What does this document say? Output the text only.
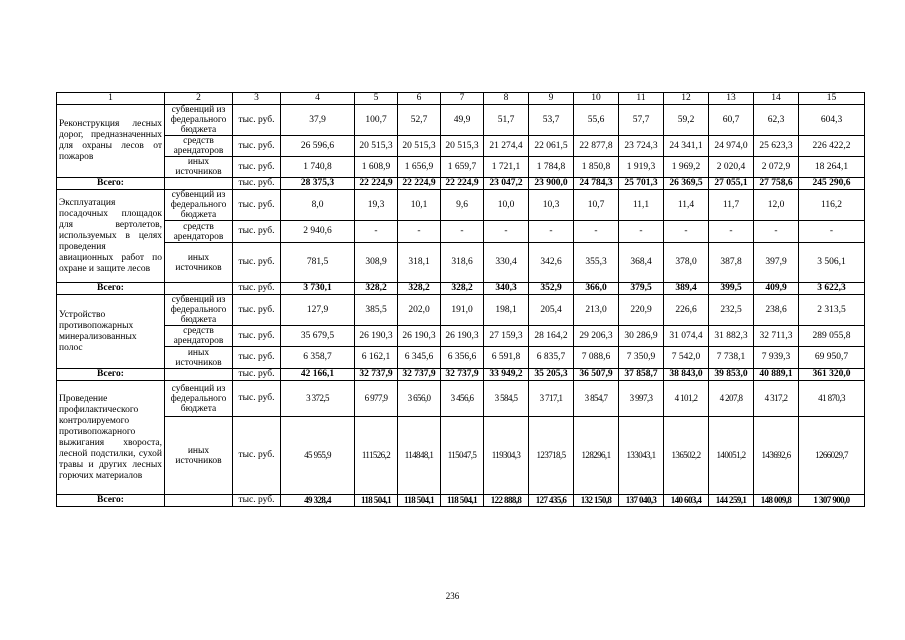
1	2	3	4	5	6	7	8	9	10	11	12	13	14	15
Реконструкция лесных дорог, предназначенных для охраны лесов от пожаров	субвенций из федерального бюджета	тыс. руб.	37,9	100,7	52,7	49,9	51,7	53,7	55,6	57,7	59,2	60,7	62,3	604,3
	средств арендаторов	тыс. руб.	26 596,6	20 515,3	20 515,3	20 515,3	21 274,4	22 061,5	22 877,8	23 724,3	24 341,1	24 974,0	25 623,3	226 422,2
	иных источников	тыс. руб.	1 740,8	1 608,9	1 656,9	1 659,7	1 721,1	1 784,8	1 850,8	1 919,3	1 969,2	2 020,4	2 072,9	18 264,1
Всего:		тыс. руб.	28 375,3	22 224,9	22 224,9	22 224,9	23 047,2	23 900,0	24 784,3	25 701,3	26 369,5	27 055,1	27 758,6	245 290,6
Эксплуатация посадочных площадок для вертолетов, используемых в целях проведения авиационных работ по охране и защите лесов	субвенций из федерального бюджета	тыс. руб.	8,0	19,3	10,1	9,6	10,0	10,3	10,7	11,1	11,4	11,7	12,0	116,2
	средств арендаторов	тыс. руб.	2 940,6	-	-	-	-	-	-	-	-	-	-	-
	иных источников	тыс. руб.	781,5	308,9	318,1	318,6	330,4	342,6	355,3	368,4	378,0	387,8	397,9	3 506,1
Всего:		тыс. руб.	3 730,1	328,2	328,2	328,2	340,3	352,9	366,0	379,5	389,4	399,5	409,9	3 622,3
Устройство противопожарных минерализованных полос	субвенций из федерального бюджета	тыс. руб.	127,9	385,5	202,0	191,0	198,1	205,4	213,0	220,9	226,6	232,5	238,6	2 313,5
	средств арендаторов	тыс. руб.	35 679,5	26 190,3	26 190,3	26 190,3	27 159,3	28 164,2	29 206,3	30 286,9	31 074,4	31 882,3	32 711,3	289 055,8
	иных источников	тыс. руб.	6 358,7	6 162,1	6 345,6	6 356,6	6 591,8	6 835,7	7 088,6	7 350,9	7 542,0	7 738,1	7 939,3	69 950,7
Всего:		тыс. руб.	42 166,1	32 737,9	32 737,9	32 737,9	33 949,2	35 205,3	36 507,9	37 858,7	38 843,0	39 853,0	40 889,1	361 320,0
Проведение профилактического контролируемого противопожарного выжигания хвороста, лесной подстилки, сухой травы и других лесных горючих материалов	субвенций из федерального бюджета	тыс. руб.	3 372,5	6 977,9	3 656,0	3 456,6	3 584,5	3 717,1	3 854,7	3 997,3	4 101,2	4 207,8	4 317,2	41 870,3
	иных источников	тыс. руб.	45 955,9	111526,2	114848,1	115047,5	119304,3	123718,5	128296,1	133043,1	136502,2	140051,2	143692,6	1266029,7
Всего:		тыс. руб.	49 328,4	118 504,1	118 504,1	118 504,1	122 888,8	127 435,6	132 150,8	137 040,3	140 603,4	144 259,1	148 009,8	1 307 900,0
236
